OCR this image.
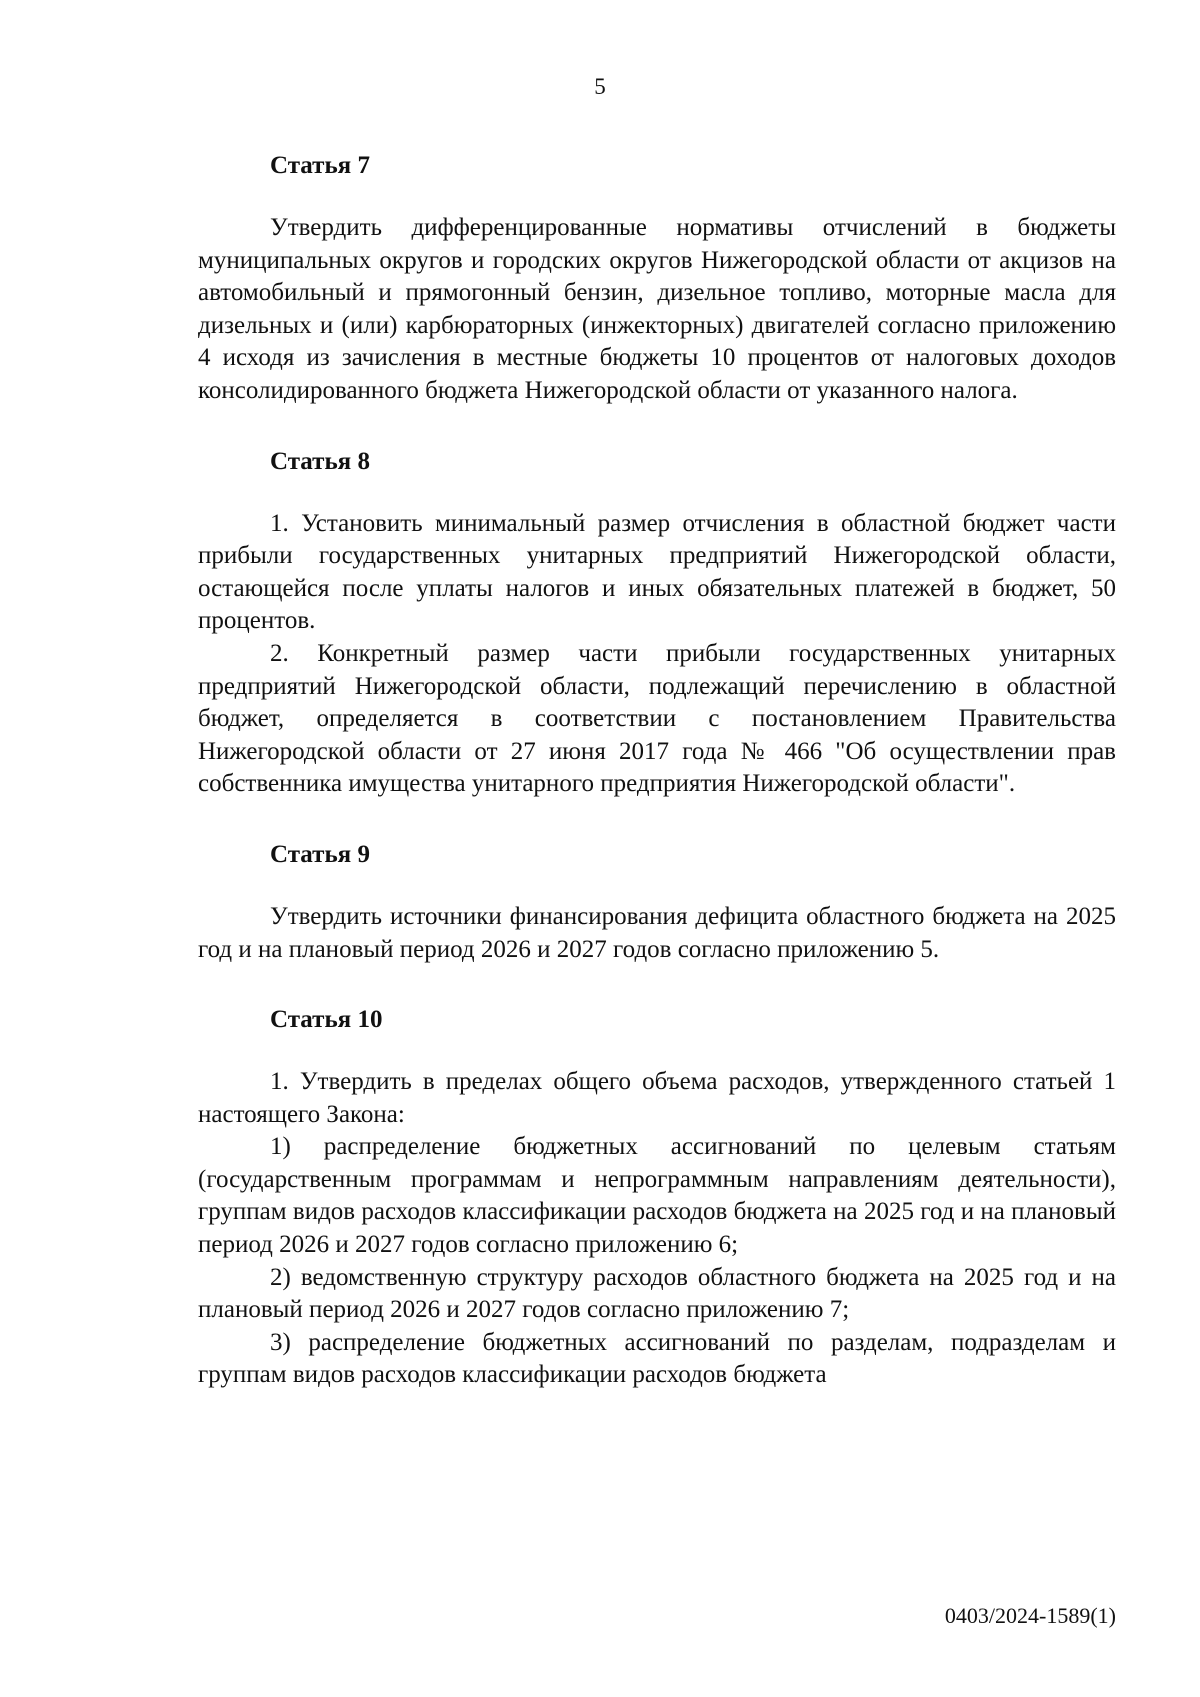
5
Статья 7

Утвердить дифференцированные нормативы отчислений в бюджеты муниципальных округов и городских округов Нижегородской области от акцизов на автомобильный и прямогонный бензин, дизельное топливо, моторные масла для дизельных и (или) карбюраторных (инжекторных) двигателей согласно приложению 4 исходя из зачисления в местные бюджеты 10 процентов от налоговых доходов консолидированного бюджета Нижегородской области от указанного налога.

Статья 8

1. Установить минимальный размер отчисления в областной бюджет части прибыли государственных унитарных предприятий Нижегородской области, остающейся после уплаты налогов и иных обязательных платежей в бюджет, 50 процентов.

2. Конкретный размер части прибыли государственных унитарных предприятий Нижегородской области, подлежащий перечислению в областной бюджет, определяется в соответствии с постановлением Правительства Нижегородской области от 27 июня 2017 года № 466 "Об осуществлении прав собственника имущества унитарного предприятия Нижегородской области".

Статья 9

Утвердить источники финансирования дефицита областного бюджета на 2025 год и на плановый период 2026 и 2027 годов согласно приложению 5.

Статья 10

1. Утвердить в пределах общего объема расходов, утвержденного статьей 1 настоящего Закона:

1) распределение бюджетных ассигнований по целевым статьям (государственным программам и непрограммным направлениям деятельности), группам видов расходов классификации расходов бюджета на 2025 год и на плановый период 2026 и 2027 годов согласно приложению 6;

2) ведомственную структуру расходов областного бюджета на 2025 год и на плановый период 2026 и 2027 годов согласно приложению 7;

3) распределение бюджетных ассигнований по разделам, подразделам и группам видов расходов классификации расходов бюджета

0403/2024-1589(1)
